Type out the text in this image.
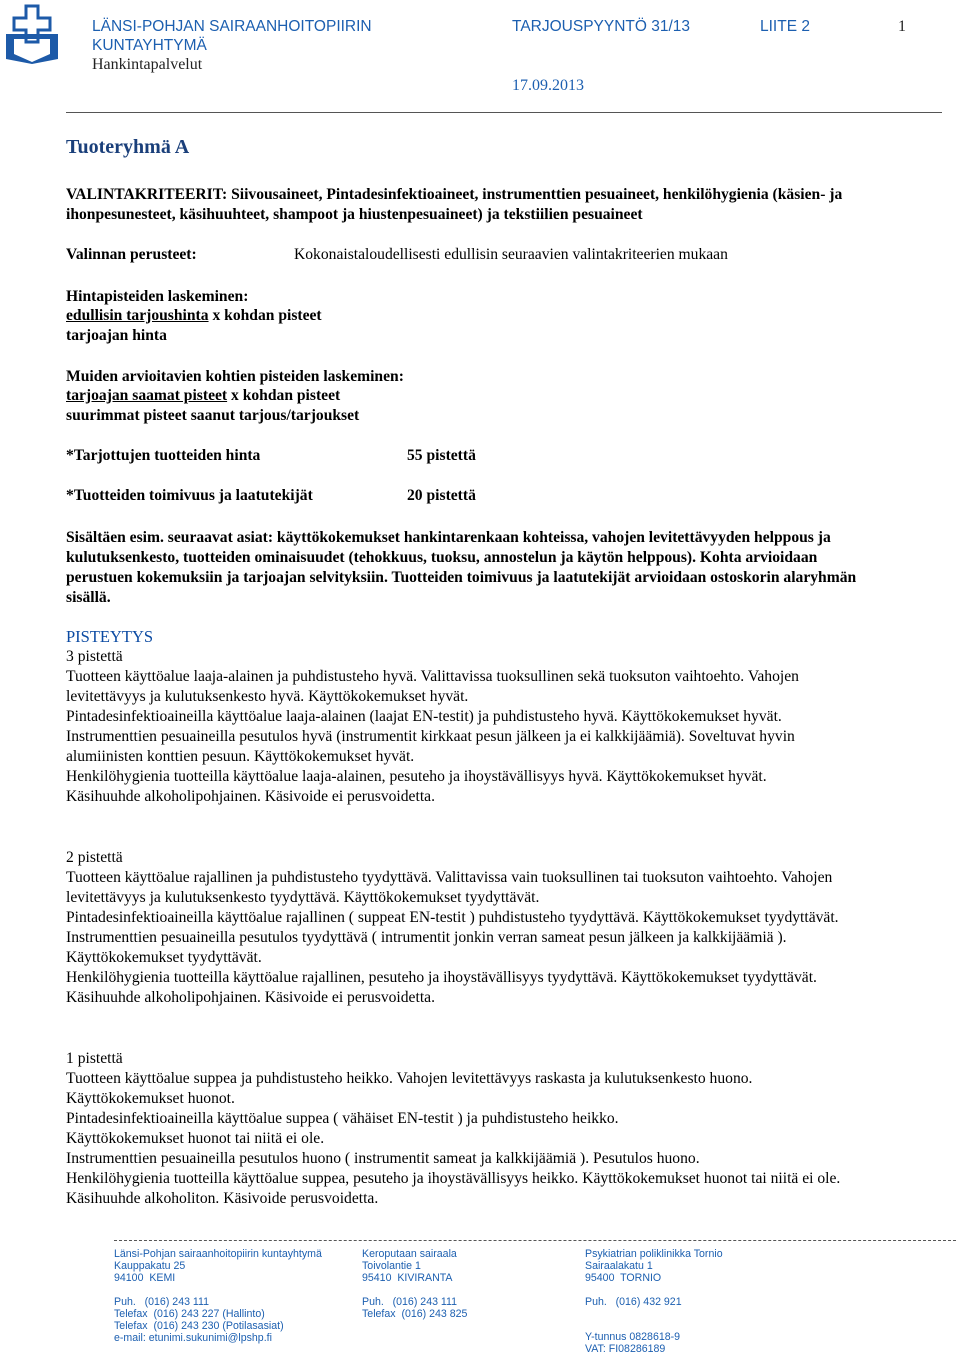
LÄNSI-POHJAN SAIRAANHOITOPIIRIN
KUNTAYHTYMÄ
Hankintapalvelut
TARJOUSPYYNTÖ 31/13	LIITE 2	1
17.09.2013
Tuoteryhmä A
VALINTAKRITEERIT: Siivousaineet, Pintadesinfektioaineet, instrumenttien pesuaineet, henkilöhygienia (käsien- ja
ihonpesunesteet, käsihuuhteet, shampoot ja hiustenpesuaineet) ja tekstiilien pesuaineet
Valinnan perusteet:	Kokonaistaloudellisesti edullisin seuraavien valintakriteerien mukaan
Hintapisteiden laskeminen:
edullisin tarjoushinta x kohdan pisteet
tarjoajan hinta
Muiden arvioitavien kohtien pisteiden laskeminen:
tarjoajan saamat pisteet x kohdan pisteet
suurimmat pisteet saanut tarjous/tarjoukset
*Tarjottujen tuotteiden hinta	55 pistettä
*Tuotteiden toimivuus ja laatutekijät	20 pistettä
Sisältäen esim. seuraavat asiat: käyttökokemukset hankintarenkaan kohteissa, vahojen levitettävyyden helppous ja
kulutuksenkesto, tuotteiden ominaisuudet (tehokkuus, tuoksu, annostelun ja käytön helppous). Kohta arvioidaan
perustuen kokemuksiin ja tarjoajan selvityksiin. Tuotteiden toimivuus ja laatutekijät arvioidaan ostoskorin alaryhmän
sisällä.
PISTEYTYS
3 pistettä
Tuotteen käyttöalue laaja-alainen ja puhdistusteho hyvä. Valittavissa tuoksullinen sekä tuoksuton vaihtoehto. Vahojen
levitettävyys ja kulutuksenkesto hyvä. Käyttökokemukset hyvät.
Pintadesinfektioaineilla käyttöalue laaja-alainen (laajat EN-testit) ja puhdistusteho hyvä. Käyttökokemukset hyvät.
Instrumenttien pesuaineilla pesutulos hyvä (instrumentit kirkkaat pesun jälkeen ja ei kalkkijäämiä). Soveltuvat hyvin
alumiinisten konttien pesuun. Käyttökokemukset hyvät.
Henkilöhygienia tuotteilla käyttöalue laaja-alainen, pesuteho ja ihoystävällisyys hyvä. Käyttökokemukset hyvät.
Käsihuuhde alkoholipohjainen. Käsivoide ei perusvoidetta.
2 pistettä
Tuotteen käyttöalue rajallinen ja puhdistusteho tyydyttävä. Valittavissa vain tuoksullinen tai tuoksuton vaihtoehto. Vahojen
levitettävyys ja kulutuksenkesto tyydyttävä. Käyttökokemukset tyydyttävät.
Pintadesinfektioaineilla käyttöalue rajallinen ( suppeat EN-testit ) puhdistusteho tyydyttävä. Käyttökokemukset tyydyttävät.
Instrumenttien pesuaineilla pesutulos tyydyttävä ( intrumentit jonkin verran sameat pesun jälkeen ja kalkkijäämiä ).
Käyttökokemukset tyydyttävät.
Henkilöhygienia tuotteilla käyttöalue rajallinen, pesuteho ja ihoystävällisyys tyydyttävä. Käyttökokemukset tyydyttävät.
Käsihuuhde alkoholipohjainen. Käsivoide ei perusvoidetta.
1 pistettä
Tuotteen käyttöalue suppea ja puhdistusteho heikko. Vahojen levitettävyys raskasta ja kulutuksenkesto huono.
Käyttökokemukset huonot.
Pintadesinfektioaineilla käyttöalue suppea ( vähäiset EN-testit ) ja puhdistusteho heikko.
Käyttökokemukset huonot tai niitä ei ole.
Instrumenttien pesuaineilla pesutulos huono ( instrumentit sameat ja kalkkijäämiä ). Pesutulos huono.
Henkilöhygienia tuotteilla käyttöalue suppea, pesuteho ja ihoystävällisyys heikko. Käyttökokemukset huonot tai niitä ei ole.
Käsihuuhde alkoholiton. Käsivoide perusvoidetta.
Länsi-Pohjan sairaanhoitopiirin kuntayhtymä
Kauppakatu 25
94100  KEMI
Puh.   (016) 243 111
Telefax  (016) 243 227 (Hallinto)
Telefax  (016) 243 230 (Potilasasiat)
e-mail: etunimi.sukunimi@lpshp.fi
Keroputaan sairaala
Toivolantie 1
95410  KIVIRANTA
Puh.   (016) 243 111
Telefax  (016) 243 825
Psykiatrian poliklinikka Tornio
Sairaalakatu 1
95400  TORNIO
Puh.   (016) 432 921
Y-tunnus 0828618-9
VAT: FI08286189
